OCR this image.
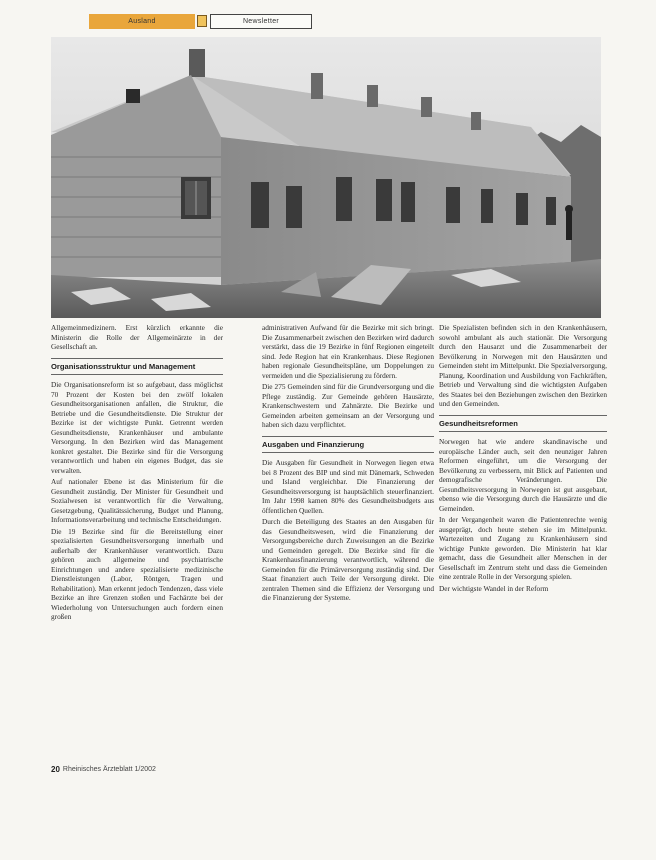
Ausland	Newsletter

Allgemeinmedizinern. Erst kürzlich erkannte die Ministerin die Rolle der Allgemeinärzte in der Gesellschaft an.

Organisationsstruktur und Management

Die Organisationsreform ist so aufgebaut, dass möglichst 70 Prozent der Kosten bei den zwölf lokalen Gesundheitsorganisationen anfallen, die Struktur, die Betriebe und die Gesundheitsdienste. Die Struktur der Bezirke ist der wichtigste Punkt. Getrennt werden Gesundheitsdienste, Krankenhäuser und ambulante Versorgung. In den Bezirken wird das Management konkret gestaltet. Die Bezirke sind für die Versorgung verantwortlich und haben ein eigenes Budget, das sie verwalten.

Auf nationaler Ebene ist das Ministerium für die Gesundheit zuständig. Der Minister für Gesundheit und Sozialwesen ist verantwortlich für die Verwaltung, Gesetzgebung, Qualitätssicherung, Budget und Planung, Informationsverarbeitung und technische Entscheidungen.

Die 19 Bezirke sind für die Bereitstellung einer spezialisierten Gesundheitsversorgung innerhalb und außerhalb der Krankenhäuser verantwortlich. Dazu gehören auch allgemeine und psychiatrische Einrichtungen und andere spezialisierte medizinische Dienstleistungen (Labor, Röntgen, Tragen und Rehabilitation). Man erkennt jedoch Tendenzen, dass viele Bezirke an ihre Grenzen stoßen und Fachärzte bei der Wiederholung von Untersuchungen auch fordern einen großen

administrativen Aufwand für die Bezirke mit sich bringt. Die Zusammenarbeit zwischen den Bezirken wird dadurch verstärkt, dass die 19 Bezirke in fünf Regionen eingeteilt sind. Jede Region hat ein Krankenhaus. Diese Regionen haben regionale Gesundheitspläne, um Doppelungen zu vermeiden und die Spezialisierung zu fördern.

Die 275 Gemeinden sind für die Grundversorgung und die Pflege zuständig. Zur Gemeinde gehören Hausärzte, Krankenschwestern und Zahnärzte. Die Bezirke und Gemeinden arbeiten gemeinsam an der Versorgung und haben sich dazu verpflichtet.

Ausgaben und Finanzierung

Die Ausgaben für Gesundheit in Norwegen liegen etwa bei 8 Prozent des BIP und sind mit Dänemark, Schweden und Island vergleichbar. Die Finanzierung der Gesundheitsversorgung ist hauptsächlich steuerfinanziert. Im Jahr 1998 kamen 80% des Gesundheitsbudgets aus öffentlichen Quellen.

Durch die Beteiligung des Staates an den Ausgaben für das Gesundheitswesen, wird die Finanzierung der Versorgungsbereiche durch Zuweisungen an die Bezirke und Gemeinden geregelt. Die Bezirke sind für die Krankenhausfinanzierung verantwortlich, während die Gemeinden für die Primärversorgung zuständig sind. Der Staat finanziert auch Teile der Versorgung direkt. Die zentralen Themen sind die Effizienz der Versorgung und die Finanzierung der Systeme.

Die Spezialisten befinden sich in den Krankenhäusern, sowohl ambulant als auch stationär. Die Versorgung durch den Hausarzt und die Zusammenarbeit der Bevölkerung in Norwegen mit den Hausärzten und Gemeinden steht im Mittelpunkt. Die Spezialversorgung, Planung, Koordination und Ausbildung von Fachkräften, Betrieb und Verwaltung sind die wichtigsten Aufgaben des Staates bei den Beziehungen zwischen den Bezirken und den Gemeinden.

Gesundheitsreformen

Norwegen hat wie andere skandinavische und europäische Länder auch, seit den neunziger Jahren Reformen eingeführt, um die Versorgung der Bevölkerung zu verbessern, mit Blick auf Patienten und demografische Veränderungen. Die Gesundheitsversorgung in Norwegen ist gut ausgebaut, ebenso wie die Versorgung durch die Hausärzte und die Gemeinden.

In der Vergangenheit waren die Patientenrechte wenig ausgeprägt, doch heute stehen sie im Mittelpunkt. Wartezeiten und Zugang zu Krankenhäusern sind wichtige Punkte geworden. Die Ministerin hat klar gemacht, dass die Gesundheit aller Menschen in der Gesellschaft im Zentrum steht und dass die Gemeinden eine zentrale Rolle in der Versorgung spielen.

Der wichtigste Wandel in der Reform

20 Rheinisches Ärzteblatt 1/2002
